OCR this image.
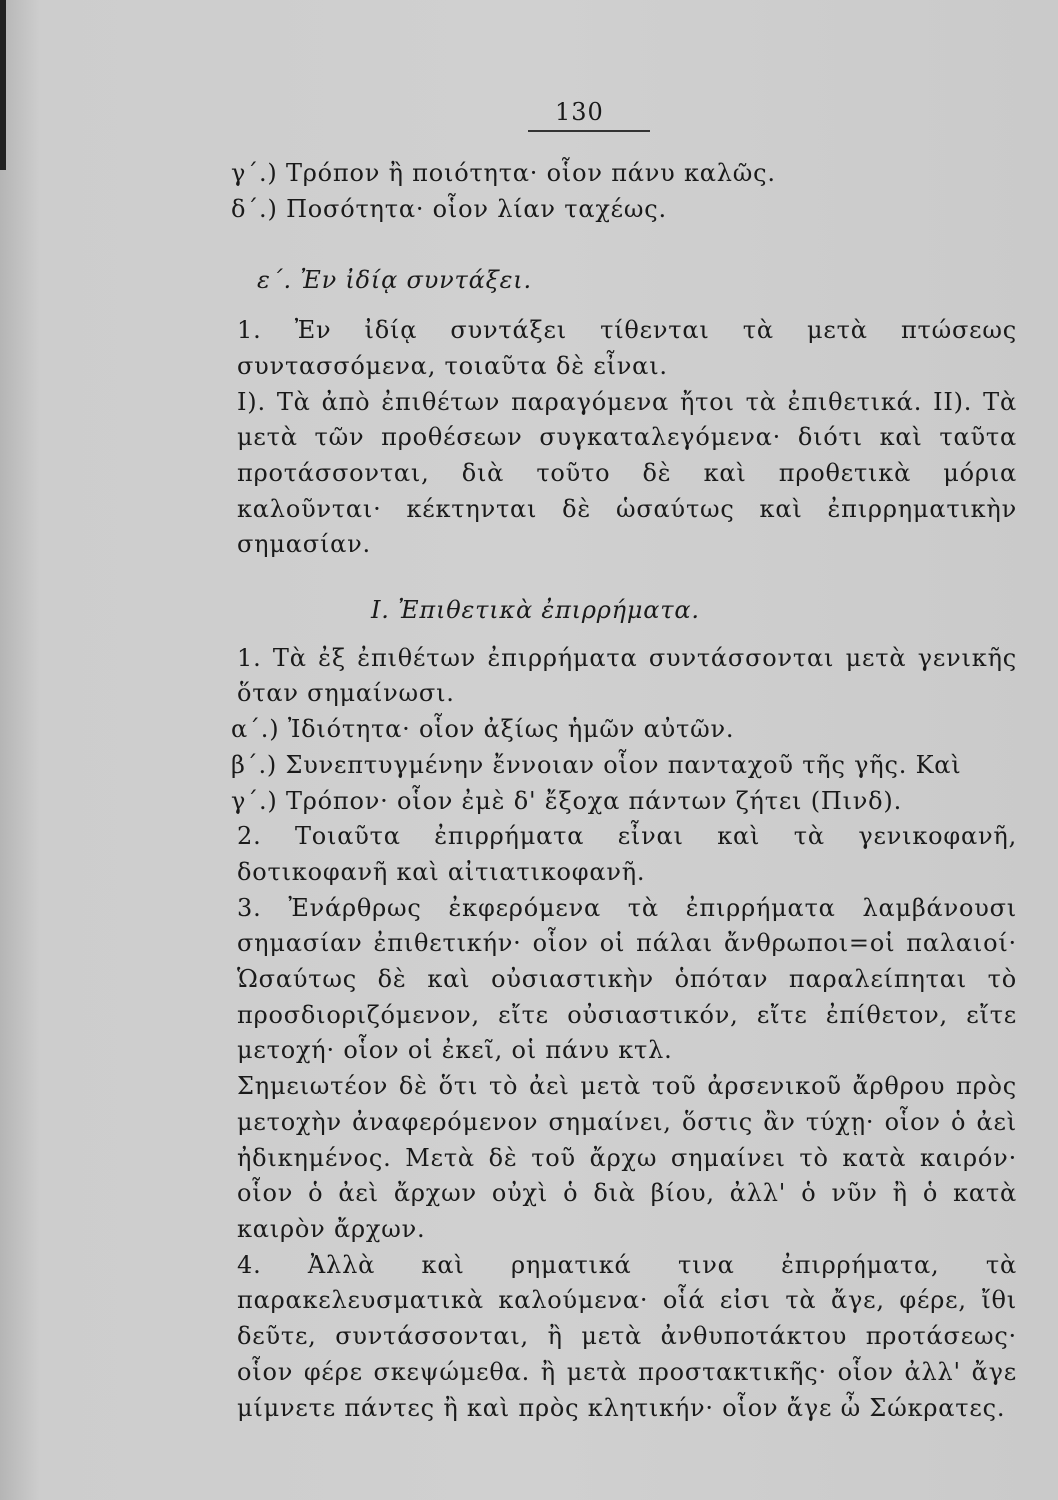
130

γ΄.) Τρόπον ἢ ποιότητα· οἷον πάνυ καλῶς.

δ΄.) Ποσότητα· οἷον λίαν ταχέως.

ε΄. Ἐν ἰδίᾳ συντάξει.

1. Ἐν ἰδίᾳ συντάξει τίθενται τὰ μετὰ πτώσεως συντασσόμενα, τοιαῦτα δὲ εἶναι.

I). Τὰ ἀπὸ ἐπιθέτων παραγόμενα ἤτοι τὰ ἐπιθετικά. II). Τὰ μετὰ τῶν προθέσεων συγκαταλεγόμενα· διότι καὶ ταῦτα προτάσσονται, διὰ τοῦτο δὲ καὶ προθετικὰ μόρια καλοῦνται· κέκτηνται δὲ ὡσαύτως καὶ ἐπιρρηματικὴν σημασίαν.

I. Ἐπιθετικὰ ἐπιρρήματα.

1. Τὰ ἐξ ἐπιθέτων ἐπιρρήματα συντάσσονται μετὰ γενικῆς ὅταν σημαίνωσι.

α΄.) Ἰδιότητα· οἷον ἀξίως ἡμῶν αὐτῶν.

β΄.) Συνεπτυγμένην ἔννοιαν οἷον πανταχοῦ τῆς γῆς. Καὶ

γ΄.) Τρόπον· οἷον ἐμὲ δ' ἔξοχα πάντων ζήτει (Πινδ).

2. Τοιαῦτα ἐπιρρήματα εἶναι καὶ τὰ γενικοφανῆ, δοτικοφανῆ καὶ αἰτιατικοφανῆ.

3. Ἐνάρθρως ἐκφερόμενα τὰ ἐπιρρήματα λαμβάνουσι σημασίαν ἐπιθετικήν· οἷον οἱ πάλαι ἄνθρωποι=οἱ παλαιοί· Ὡσαύτως δὲ καὶ οὐσιαστικὴν ὁπόταν παραλείπηται τὸ προσδιοριζόμενον, εἴτε οὐσιαστικόν, εἴτε ἐπίθετον, εἴτε μετοχή· οἷον οἱ ἐκεῖ, οἱ πάνυ κτλ.

Σημειωτέον δὲ ὅτι τὸ ἀεὶ μετὰ τοῦ ἀρσενικοῦ ἄρθρου πρὸς μετοχὴν ἀναφερόμενον σημαίνει, ὅστις ἂν τύχῃ· οἷον ὁ ἀεὶ ἠδικημένος. Μετὰ δὲ τοῦ ἄρχω σημαίνει τὸ κατὰ καιρόν· οἷον ὁ ἀεὶ ἄρχων οὐχὶ ὁ διὰ βίου, ἀλλ' ὁ νῦν ἢ ὁ κατὰ καιρὸν ἄρχων.

4. Ἀλλὰ καὶ ρηματικά τινα ἐπιρρήματα, τὰ παρακελευσματικὰ καλούμενα· οἷά εἰσι τὰ ἄγε, φέρε, ἴθι δεῦτε, συντάσσονται, ἢ μετὰ ἀνθυποτάκτου προτάσεως· οἷον φέρε σκεψώμεθα. ἢ μετὰ προστακτικῆς· οἷον ἀλλ' ἄγε μίμνετε πάντες ἢ καὶ πρὸς κλητικήν· οἷον ἄγε ὦ Σώκρατες.
